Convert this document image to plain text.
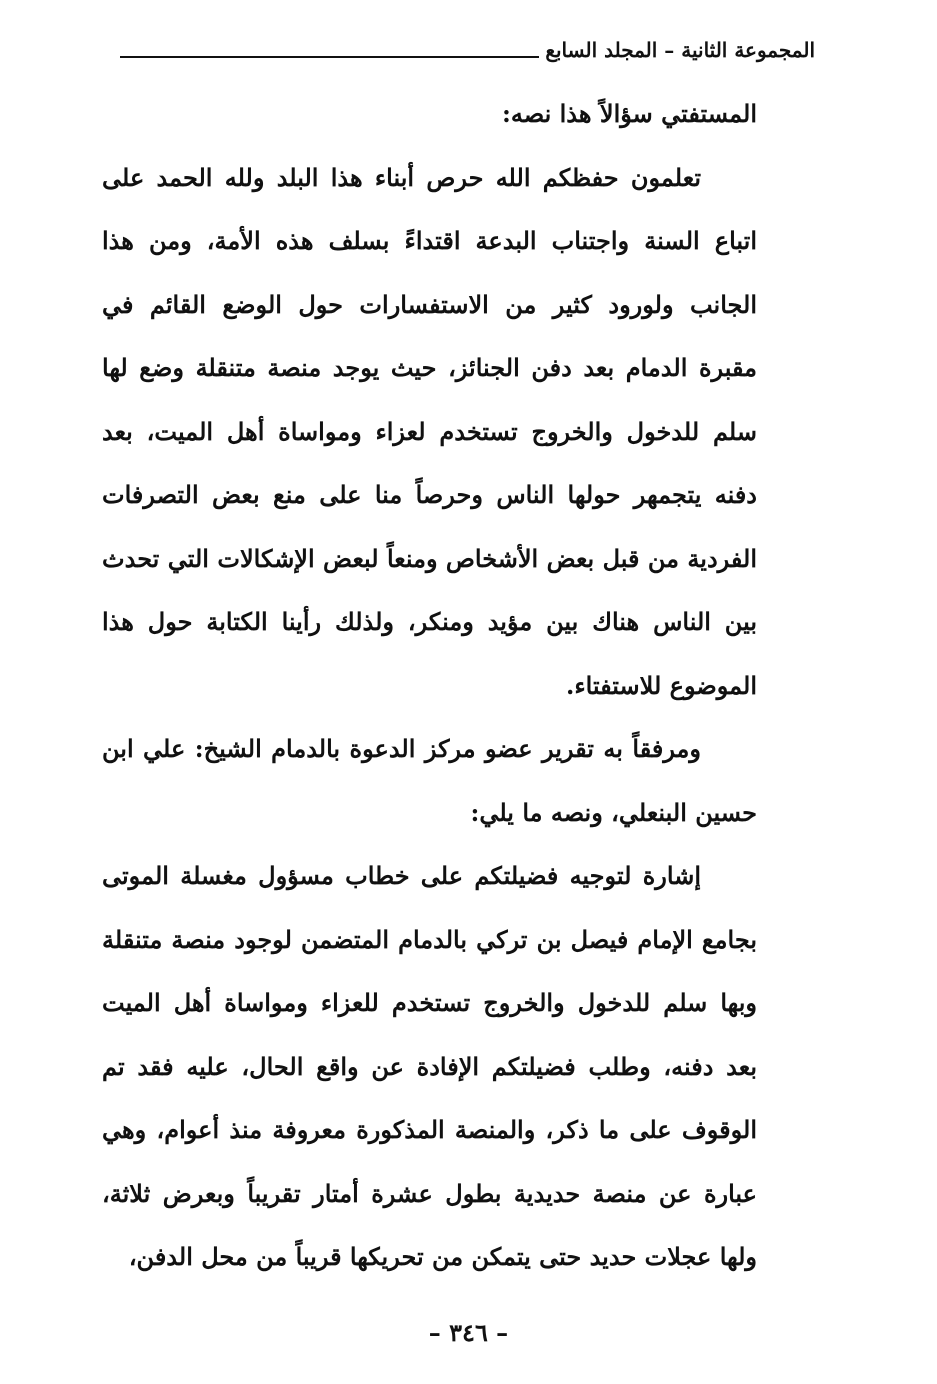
المجموعة الثانية – المجلد السابع

المستفتي سؤالاً هذا نصه:

تعلمون حفظكم الله حرص أبناء هذا البلد ولله الحمد على اتباع السنة واجتناب البدعة اقتداءً بسلف هذه الأمة، ومن هذا الجانب ولورود كثير من الاستفسارات حول الوضع القائم في مقبرة الدمام بعد دفن الجنائز، حيث يوجد منصة متنقلة وضع لها سلم للدخول والخروج تستخدم لعزاء ومواساة أهل الميت، بعد دفنه يتجمهر حولها الناس وحرصاً منا على منع بعض التصرفات الفردية من قبل بعض الأشخاص ومنعاً لبعض الإشكالات التي تحدث بين الناس هناك بين مؤيد ومنكر، ولذلك رأينا الكتابة حول هذا الموضوع للاستفتاء.

ومرفقاً به تقرير عضو مركز الدعوة بالدمام الشيخ: علي ابن حسين البنعلي، ونصه ما يلي:

إشارة لتوجيه فضيلتكم على خطاب مسؤول مغسلة الموتى بجامع الإمام فيصل بن تركي بالدمام المتضمن لوجود منصة متنقلة وبها سلم للدخول والخروج تستخدم للعزاء ومواساة أهل الميت بعد دفنه، وطلب فضيلتكم الإفادة عن واقع الحال، عليه فقد تم الوقوف على ما ذكر، والمنصة المذكورة معروفة منذ أعوام، وهي عبارة عن منصة حديدية بطول عشرة أمتار تقريباً وبعرض ثلاثة، ولها عجلات حديد حتى يتمكن من تحريكها قريباً من محل الدفن،

– ٣٤٦ –
